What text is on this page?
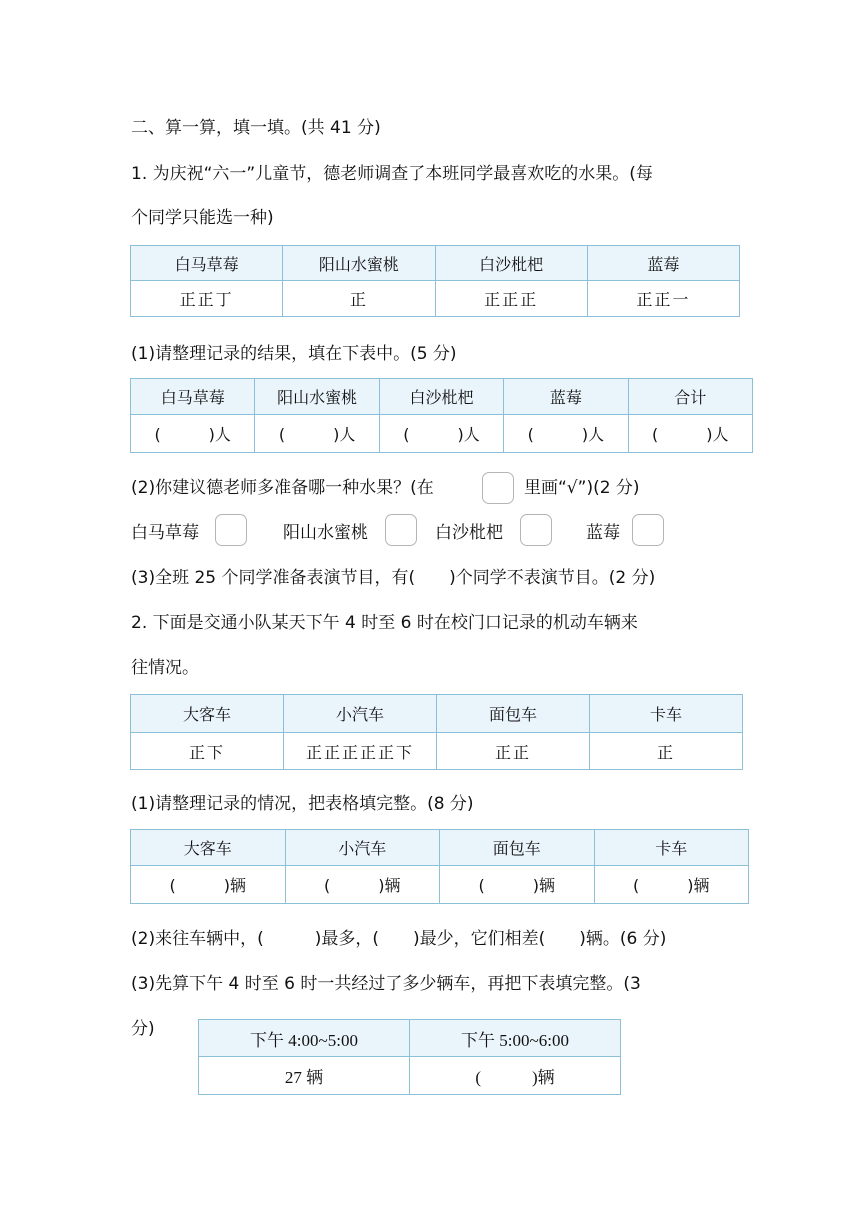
二、算一算，填一填。(共 41 分)
1. 为庆祝“六一”儿童节，德老师调查了本班同学最喜欢吃的水果。(每
个同学只能选一种)
白马草莓	阳山水蜜桃	白沙枇杷	蓝莓
正正丁	正	正正正	正正一
(1)请整理记录的结果，填在下表中。(5 分)
白马草莓	阳山水蜜桃	白沙枇杷	蓝莓	合计
(　　　)人	(　　　)人	(　　　)人	(　　　)人	(　　　)人
(2)你建议德老师多准备哪一种水果？(在	里画“√”)(2 分)
白马草莓	阳山水蜜桃	白沙枇杷	蓝莓
(3)全班 25 个同学准备表演节目，有(　　)个同学不表演节目。(2 分)
2. 下面是交通小队某天下午 4 时至 6 时在校门口记录的机动车辆来
往情况。
大客车	小汽车	面包车	卡车
正下	正正正正正下	正正	正
(1)请整理记录的情况，把表格填完整。(8 分)
大客车	小汽车	面包车	卡车
(　　　)辆	(　　　)辆	(　　　)辆	(　　　)辆
(2)来往车辆中，(　　　)最多，(　　)最少，它们相差(　　)辆。(6 分)
(3)先算下午 4 时至 6 时一共经过了多少辆车，再把下表填完整。(3
分)
下午 4:00~5:00	下午 5:00~6:00
27 辆	(　　　)辆
